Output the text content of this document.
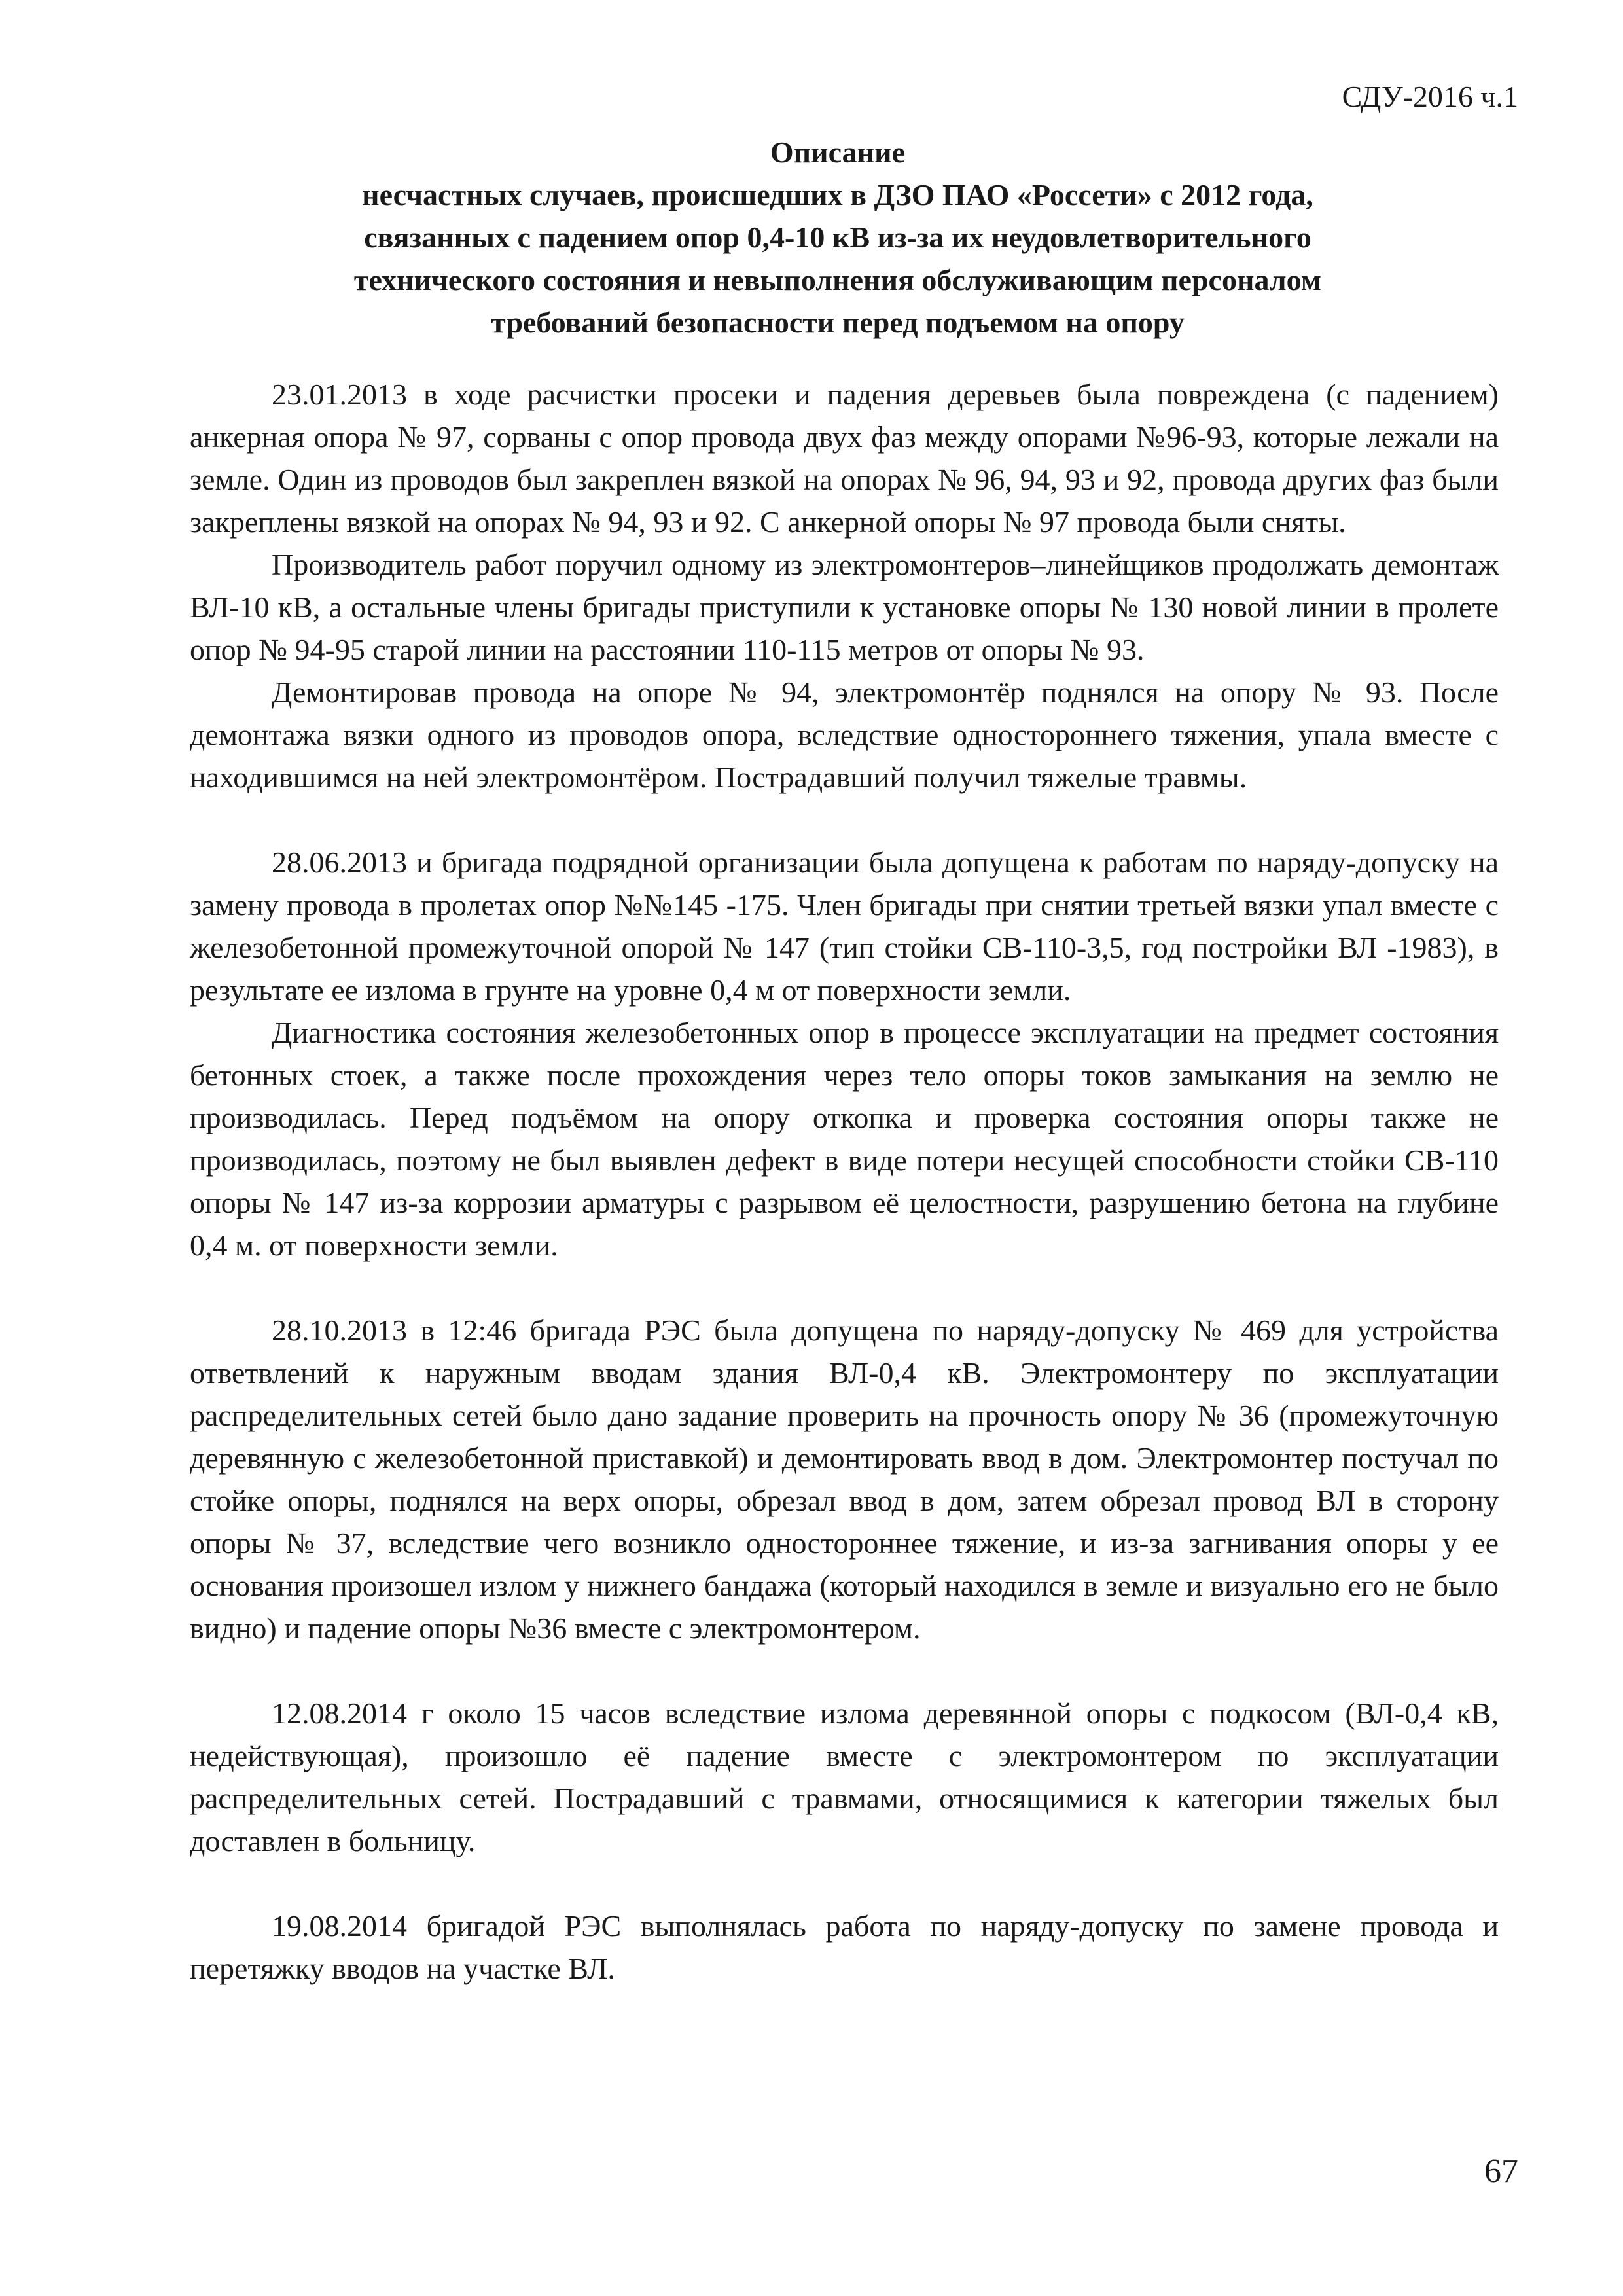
СДУ-2016 ч.1
Описание
несчастных случаев, происшедших в ДЗО ПАО «Россети» с 2012 года,
связанных с падением опор 0,4-10 кВ из-за их неудовлетворительного
технического состояния и невыполнения обслуживающим персоналом
требований безопасности перед подъемом на опору

23.01.2013 в ходе расчистки просеки и падения деревьев была повреждена (с падением) анкерная опора № 97, сорваны с опор провода двух фаз между опорами №96-93, которые лежали на земле. Один из проводов был закреплен вязкой на опорах № 96, 94, 93 и 92, провода других фаз были закреплены вязкой на опорах № 94, 93 и 92. С анкерной опоры № 97 провода были сняты.

Производитель работ поручил одному из электромонтеров–линейщиков продолжать демонтаж ВЛ-10 кВ, а остальные члены бригады приступили к установке опоры № 130 новой линии в пролете опор № 94-95 старой линии на расстоянии 110-115 метров от опоры № 93.

Демонтировав провода на опоре № 94, электромонтёр поднялся на опору № 93. После демонтажа вязки одного из проводов опора, вследствие одностороннего тяжения, упала вместе с находившимся на ней электромонтёром. Пострадавший получил тяжелые травмы.

28.06.2013 и бригада подрядной организации была допущена к работам по наряду-допуску на замену провода в пролетах опор №№145 -175. Член бригады при снятии третьей вязки упал вместе с железобетонной промежуточной опорой № 147 (тип стойки СВ-110-3,5, год постройки ВЛ -1983), в результате ее излома в грунте на уровне 0,4 м от поверхности земли.

Диагностика состояния железобетонных опор в процессе эксплуатации на предмет состояния бетонных стоек, а также после прохождения через тело опоры токов замыкания на землю не производилась. Перед подъёмом на опору откопка и проверка состояния опоры также не производилась, поэтому не был выявлен дефект в виде потери несущей способности стойки СВ-110 опоры № 147 из-за коррозии арматуры с разрывом её целостности, разрушению бетона на глубине 0,4 м. от поверхности земли.

28.10.2013 в 12:46 бригада РЭС была допущена по наряду-допуску № 469 для устройства ответвлений к наружным вводам здания ВЛ-0,4 кВ. Электромонтеру по эксплуатации распределительных сетей было дано задание проверить на прочность опору № 36 (промежуточную деревянную с железобетонной приставкой) и демонтировать ввод в дом. Электромонтер постучал по стойке опоры, поднялся на верх опоры, обрезал ввод в дом, затем обрезал провод ВЛ в сторону опоры № 37, вследствие чего возникло одностороннее тяжение, и из-за загнивания опоры у ее основания произошел излом у нижнего бандажа (который находился в земле и визуально его не было видно) и падение опоры №36 вместе с электромонтером.

12.08.2014 г около 15 часов вследствие излома деревянной опоры с подкосом (ВЛ-0,4 кВ, недействующая), произошло её падение вместе с электромонтером по эксплуатации распределительных сетей. Пострадавший с травмами, относящимися к категории тяжелых был доставлен в больницу.

19.08.2014 бригадой РЭС выполнялась работа по наряду-допуску по замене провода и перетяжку вводов на участке ВЛ.

67
